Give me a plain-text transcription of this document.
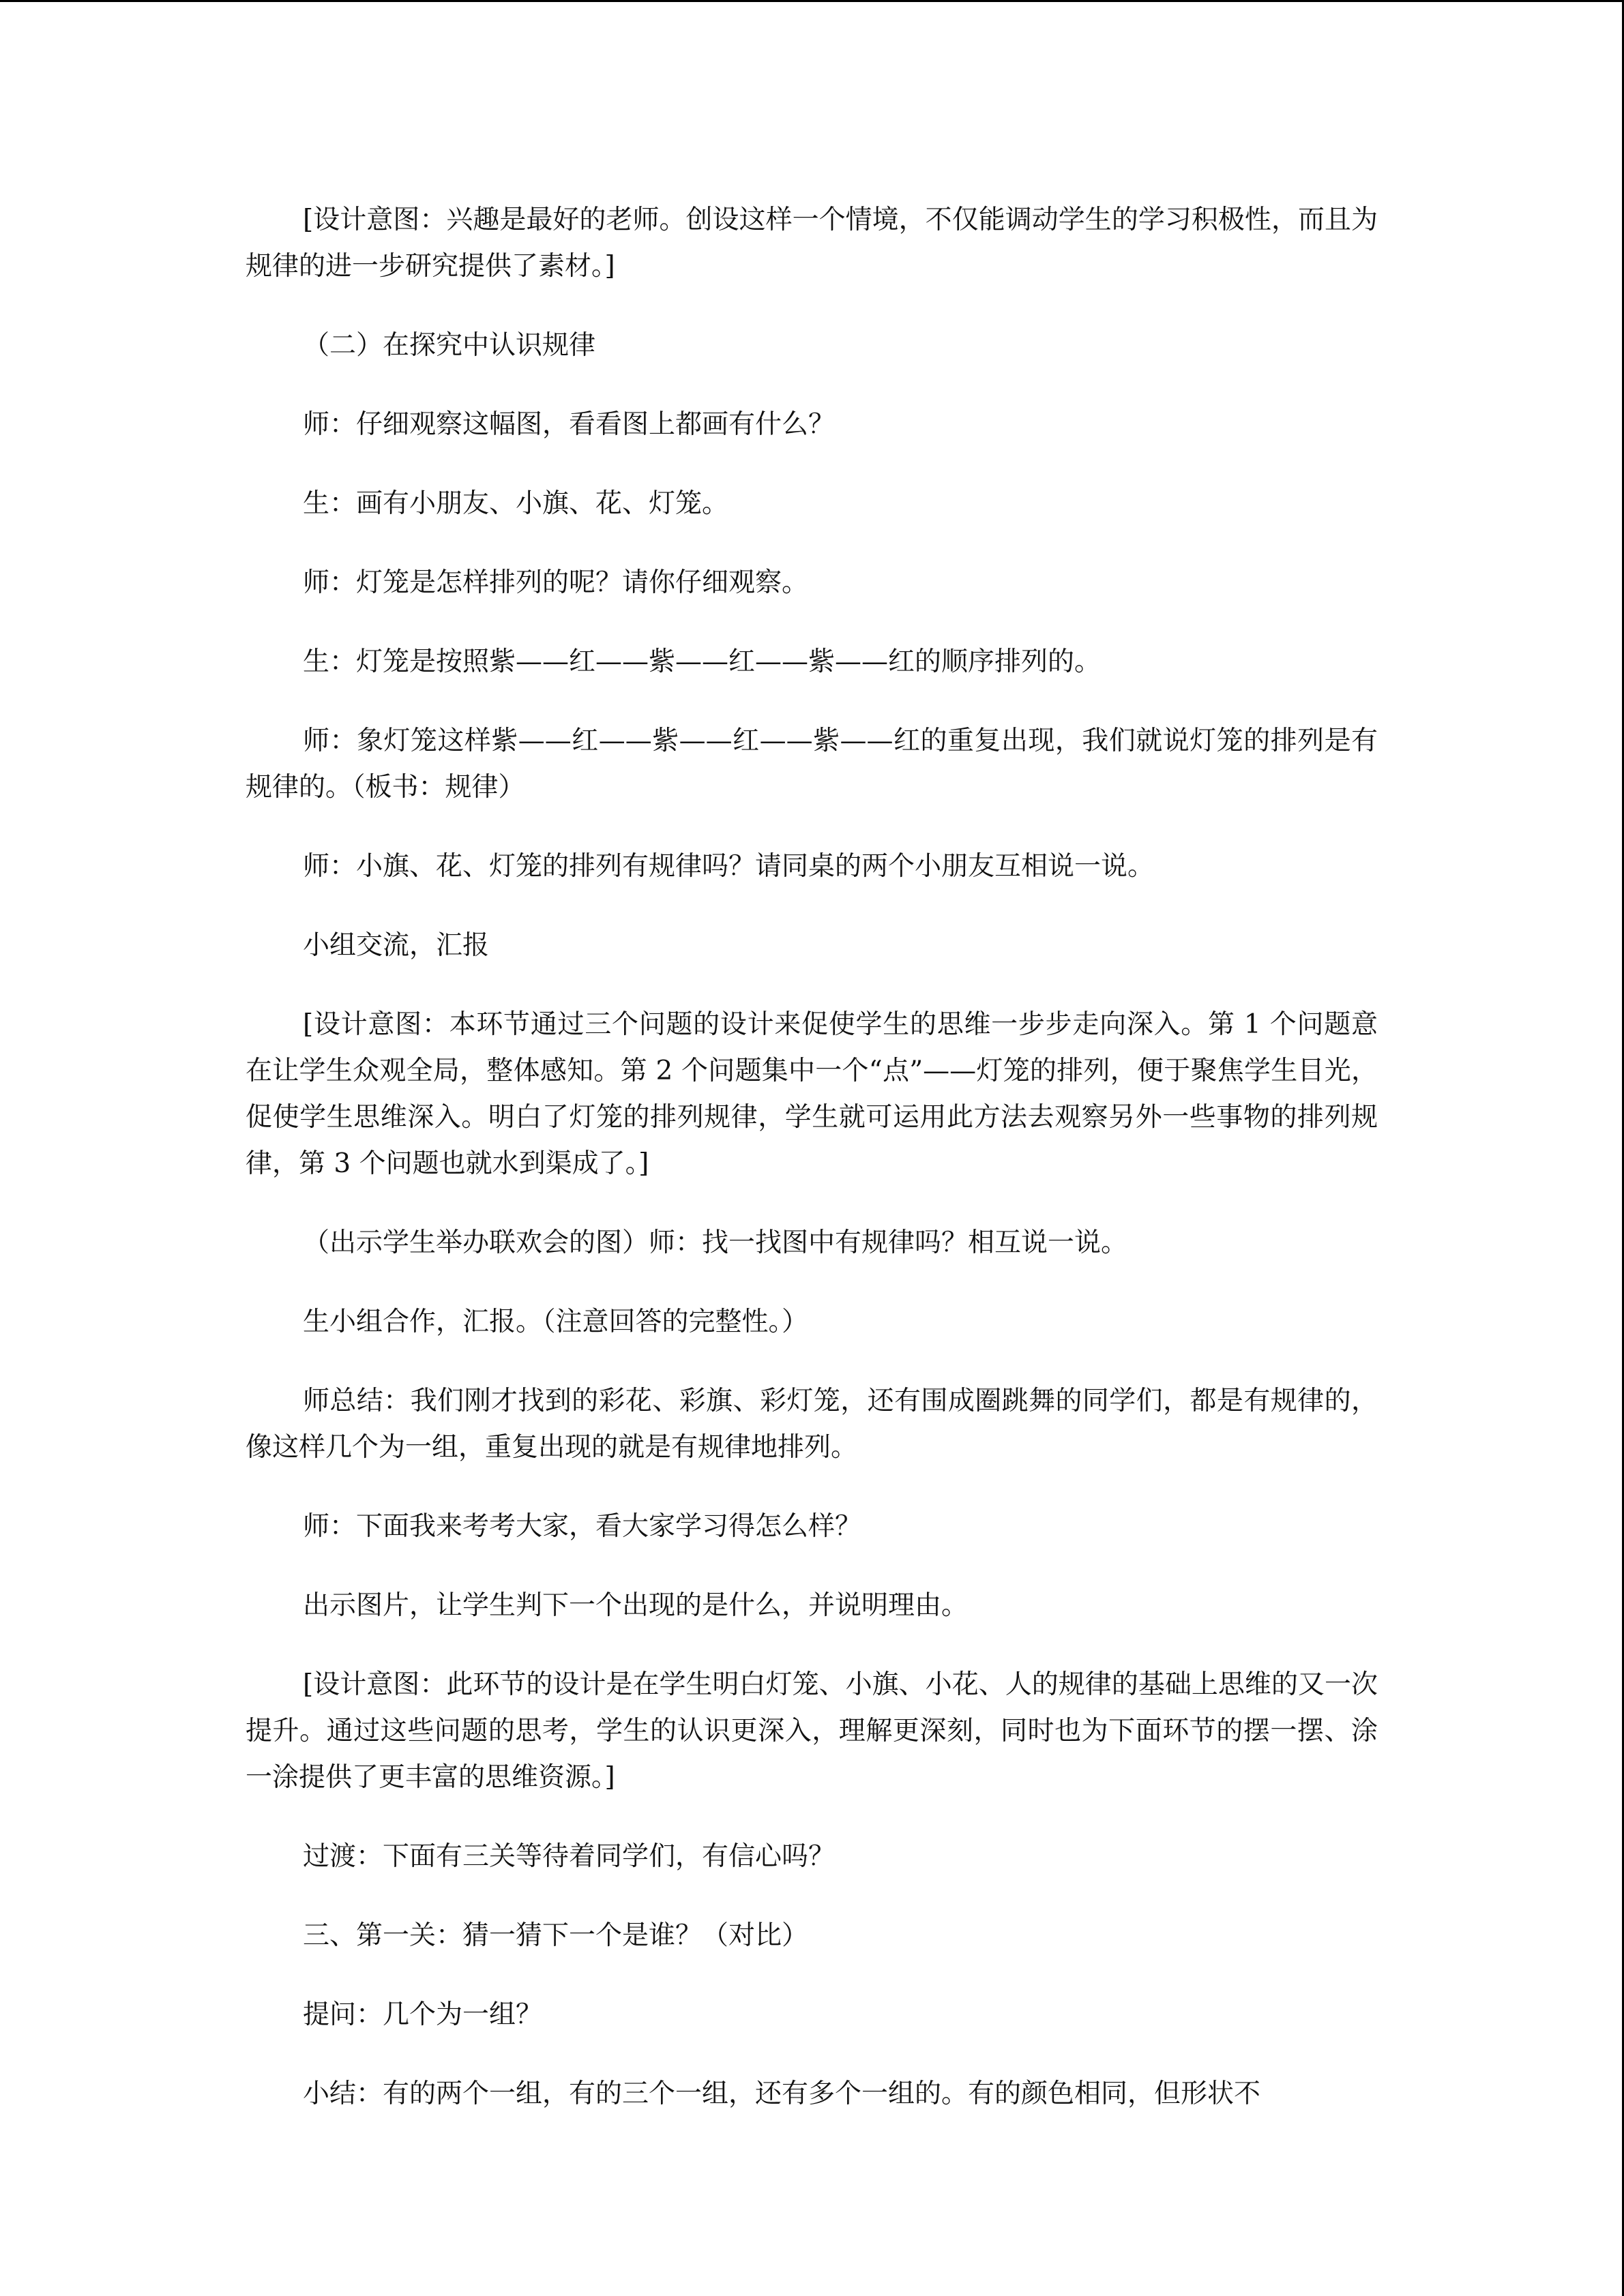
[设计意图：兴趣是最好的老师。创设这样一个情境，不仅能调动学生的学习积极性，而且为规律的进一步研究提供了素材。]

（二）在探究中认识规律

师：仔细观察这幅图，看看图上都画有什么？

生：画有小朋友、小旗、花、灯笼。

师：灯笼是怎样排列的呢？请你仔细观察。

生：灯笼是按照紫——红——紫——红——紫——红的顺序排列的。

师：象灯笼这样紫——红——紫——红——紫——红的重复出现，我们就说灯笼的排列是有规律的。（板书：规律）

师：小旗、花、灯笼的排列有规律吗？请同桌的两个小朋友互相说一说。

小组交流，汇报

[设计意图：本环节通过三个问题的设计来促使学生的思维一步步走向深入。第 1 个问题意在让学生众观全局，整体感知。第 2 个问题集中一个“点”——灯笼的排列，便于聚焦学生目光，促使学生思维深入。明白了灯笼的排列规律，学生就可运用此方法去观察另外一些事物的排列规律，第 3 个问题也就水到渠成了。]

（出示学生举办联欢会的图）师：找一找图中有规律吗？相互说一说。

生小组合作，汇报。（注意回答的完整性。）

师总结：我们刚才找到的彩花、彩旗、彩灯笼，还有围成圈跳舞的同学们，都是有规律的，像这样几个为一组，重复出现的就是有规律地排列。

师：下面我来考考大家，看大家学习得怎么样？

出示图片，让学生判下一个出现的是什么，并说明理由。

[设计意图：此环节的设计是在学生明白灯笼、小旗、小花、人的规律的基础上思维的又一次提升。通过这些问题的思考，学生的认识更深入，理解更深刻，同时也为下面环节的摆一摆、涂一涂提供了更丰富的思维资源。]

过渡：下面有三关等待着同学们，有信心吗？

三、第一关：猜一猜下一个是谁？（对比）

提问：几个为一组？

小结：有的两个一组，有的三个一组，还有多个一组的。有的颜色相同，但形状不
